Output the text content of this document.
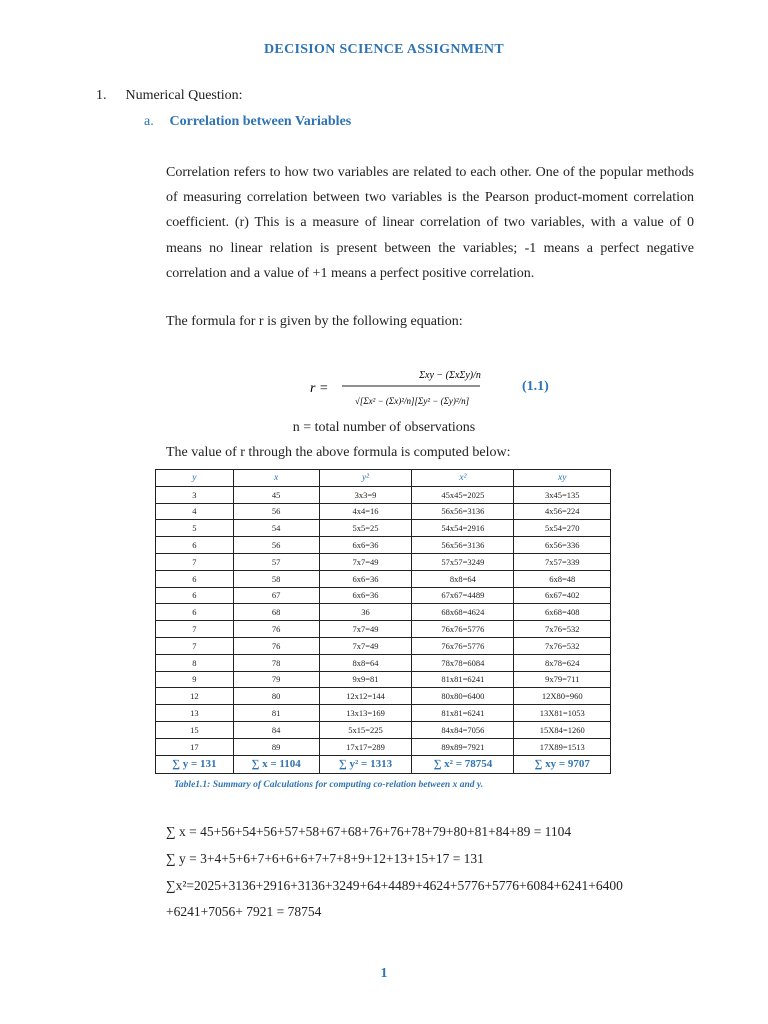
DECISION SCIENCE ASSIGNMENT
1. Numerical Question:
a. Correlation between Variables
Correlation refers to how two variables are related to each other. One of the popular methods of measuring correlation between two variables is the Pearson product-moment correlation coefficient. (r) This is a measure of linear correlation of two variables, with a value of 0 means no linear relation is present between the variables; -1 means a perfect negative correlation and a value of +1 means a perfect positive correlation.
The formula for r is given by the following equation:
r =
Σxy − (ΣxΣy)/n
√[Σx² − (Σx)²/n][Σy² − (Σy)²/n]
(1.1)
n = total number of observations
The value of r through the above formula is computed below:
y	x	y²	x²	xy
3	45	3x3=9	45x45=2025	3x45=135
4	56	4x4=16	56x56=3136	4x56=224
5	54	5x5=25	54x54=2916	5x54=270
6	56	6x6=36	56x56=3136	6x56=336
7	57	7x7=49	57x57=3249	7x57=339
6	58	6x6=36	8x8=64	6x8=48
6	67	6x6=36	67x67=4489	6x67=402
6	68	36	68x68=4624	6x68=408
7	76	7x7=49	76x76=5776	7x76=532
7	76	7x7=49	76x76=5776	7x76=532
8	78	8x8=64	78x78=6084	8x78=624
9	79	9x9=81	81x81=6241	9x79=711
12	80	12x12=144	80x80=6400	12X80=960
13	81	13x13=169	81x81=6241	13X81=1053
15	84	5x15=225	84x84=7056	15X84=1260
17	89	17x17=289	89x89=7921	17X89=1513
∑ y = 131	∑ x = 1104	∑ y² = 1313	∑ x² = 78754	∑ xy = 9707
Table1.1: Summary of Calculations for computing co-relation between x and y.
∑ x = 45+56+54+56+57+58+67+68+76+76+78+79+80+81+84+89 = 1104
∑ y = 3+4+5+6+7+6+6+6+7+7+8+9+12+13+15+17 = 131
∑x²=2025+3136+2916+3136+3249+64+4489+4624+5776+5776+6084+6241+6400
+6241+7056+ 7921 = 78754
1
